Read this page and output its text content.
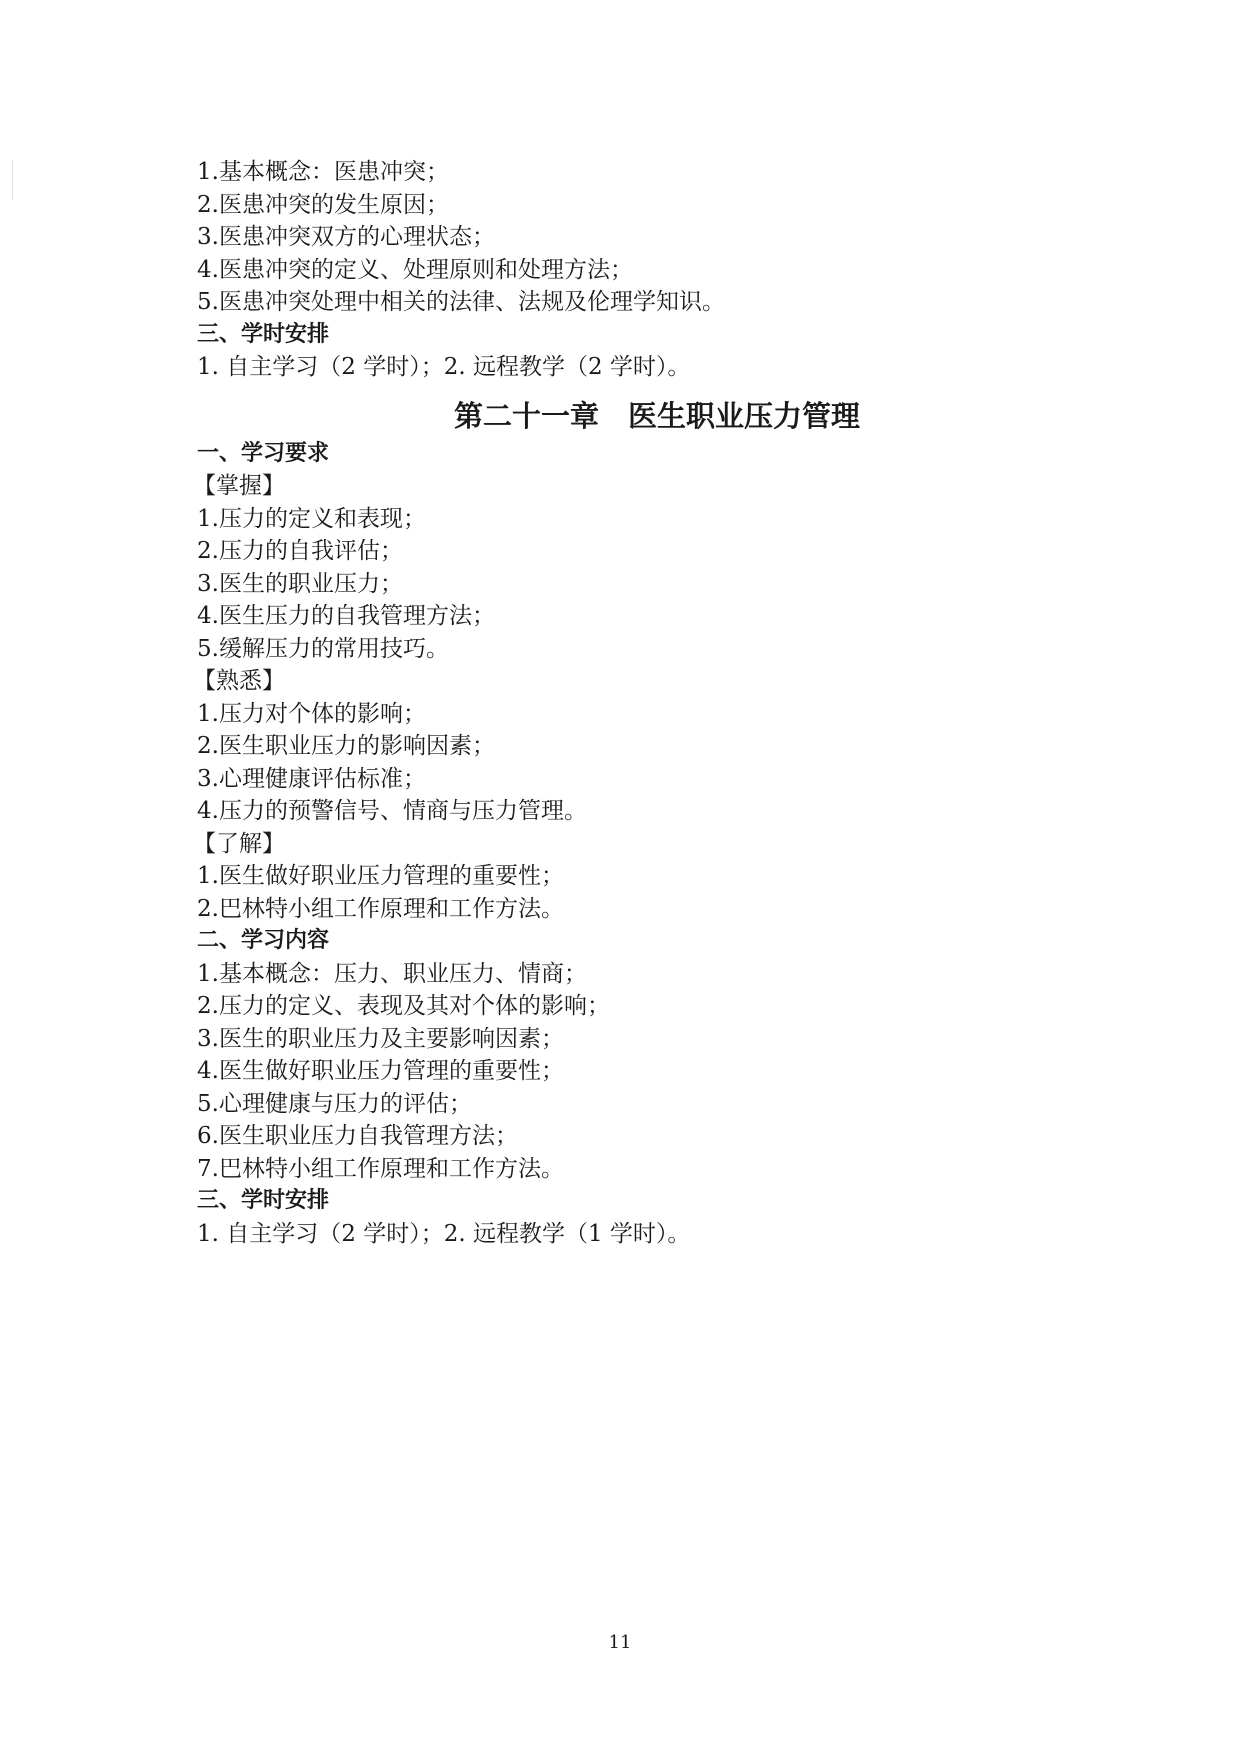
1.基本概念：医患冲突；
2.医患冲突的发生原因；
3.医患冲突双方的心理状态；
4.医患冲突的定义、处理原则和处理方法；
5.医患冲突处理中相关的法律、法规及伦理学知识。
三、学时安排
1. 自主学习（2 学时）；2. 远程教学（2 学时）。
第二十一章　医生职业压力管理
一、学习要求
【掌握】
1.压力的定义和表现；
2.压力的自我评估；
3.医生的职业压力；
4.医生压力的自我管理方法；
5.缓解压力的常用技巧。
【熟悉】
1.压力对个体的影响；
2.医生职业压力的影响因素；
3.心理健康评估标准；
4.压力的预警信号、情商与压力管理。
【了解】
1.医生做好职业压力管理的重要性；
2.巴林特小组工作原理和工作方法。
二、学习内容
1.基本概念：压力、职业压力、情商；
2.压力的定义、表现及其对个体的影响；
3.医生的职业压力及主要影响因素；
4.医生做好职业压力管理的重要性；
5.心理健康与压力的评估；
6.医生职业压力自我管理方法；
7.巴林特小组工作原理和工作方法。
三、学时安排
1. 自主学习（2 学时）；2. 远程教学（1 学时）。
11
